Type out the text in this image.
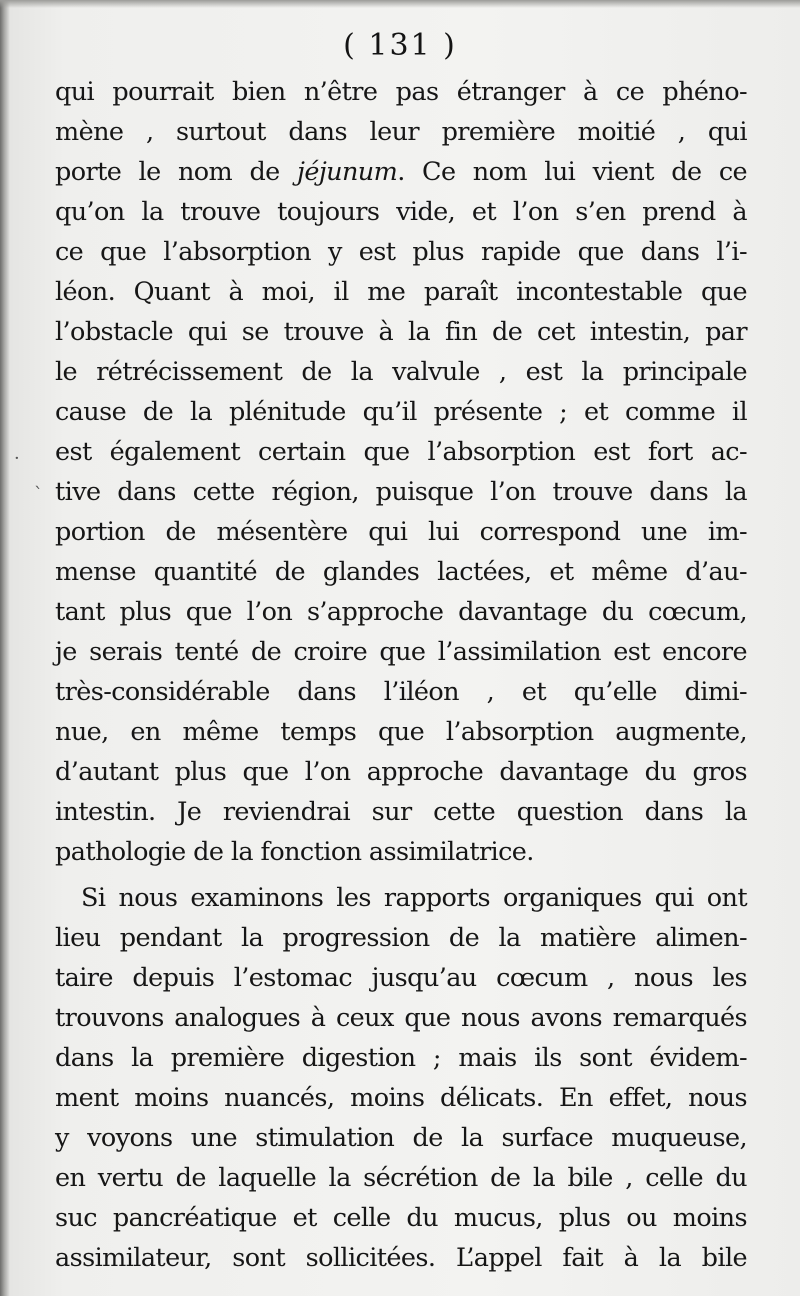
( 131 )
qui pourrait bien n’être pas étranger à ce phéno-
mène , surtout dans leur première moitié , qui
porte le nom de jéjunum. Ce nom lui vient de ce
qu’on la trouve toujours vide, et l’on s’en prend à
ce que l’absorption y est plus rapide que dans l’i-
léon. Quant à moi, il me paraît incontestable que
l’obstacle qui se trouve à la fin de cet intestin, par
le rétrécissement de la valvule , est la principale
cause de la plénitude qu’il présente ; et comme il
est également certain que l’absorption est fort ac-
tive dans cette région, puisque l’on trouve dans la
portion de mésentère qui lui correspond une im-
mense quantité de glandes lactées, et même d’au-
tant plus que l’on s’approche davantage du cœcum,
je serais tenté de croire que l’assimilation est encore
très-considérable dans l’iléon , et qu’elle dimi-
nue, en même temps que l’absorption augmente,
d’autant plus que l’on approche davantage du gros
intestin. Je reviendrai sur cette question dans la
pathologie de la fonction assimilatrice.
Si nous examinons les rapports organiques qui ont
lieu pendant la progression de la matière alimen-
taire depuis l’estomac jusqu’au cœcum , nous les
trouvons analogues à ceux que nous avons remarqués
dans la première digestion ; mais ils sont évidem-
ment moins nuancés, moins délicats. En effet, nous
y voyons une stimulation de la surface muqueuse,
en vertu de laquelle la sécrétion de la bile , celle du
suc pancréatique et celle du mucus, plus ou moins
assimilateur, sont sollicitées. L’appel fait à la bile
·
`
